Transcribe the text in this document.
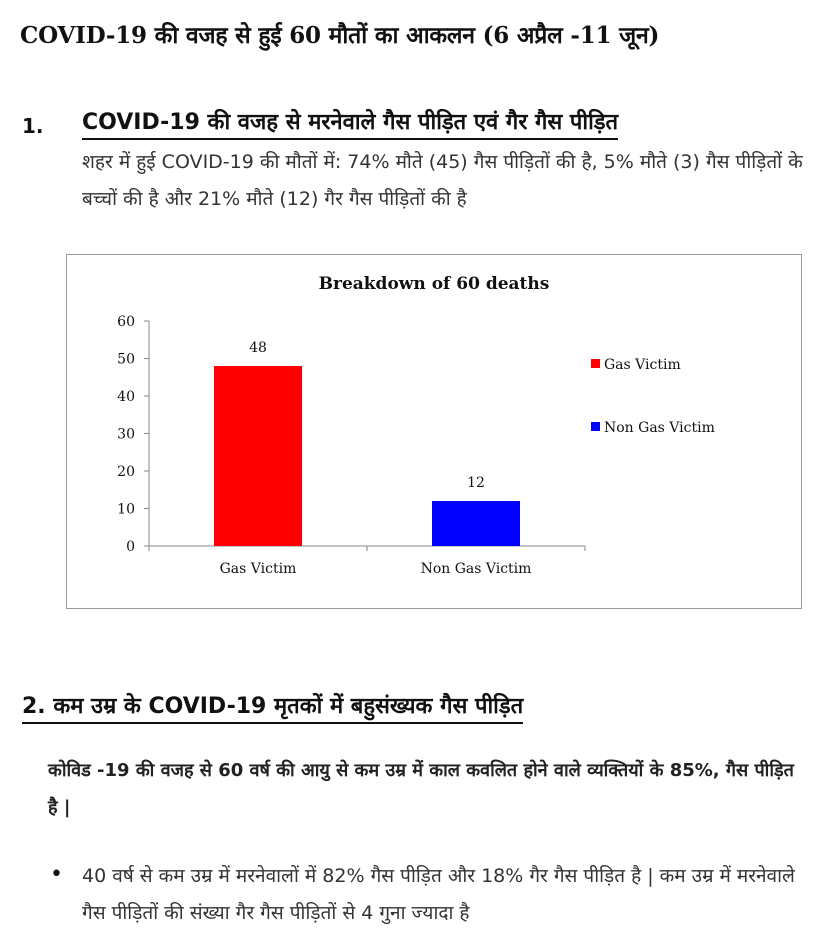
COVID-19 की वजह से हुई 60 मौतों का आकलन (6 अप्रैल -11 जून)
1. COVID-19 की वजह से मरनेवाले गैस पीड़ित एवं गैर गैस पीड़ित
शहर में हुई COVID-19 की मौतों में: 74% मौते (45) गैस पीड़ितों की है, 5% मौते (3) गैस पीड़ितों के बच्चों की है और 21% मौते (12) गैर गैस पीड़ितों की है
Breakdown of 60 deaths
0
10
20
30
40
50
60
48
Gas Victim
12
Non Gas Victim
Gas Victim
Non Gas Victim
2. कम उम्र के COVID-19 मृतकों में बहुसंख्यक गैस पीड़ित
कोविड -19 की वजह से 60 वर्ष की आयु से कम उम्र में काल कवलित होने वाले व्यक्तियों के 85%, गैस पीड़ित है |
• 40 वर्ष से कम उम्र में मरनेवालों में 82% गैस पीड़ित और 18% गैर गैस पीड़ित है | कम उम्र में मरनेवाले गैस पीड़ितों की संख्या गैर गैस पीड़ितों से 4 गुना ज्यादा है
